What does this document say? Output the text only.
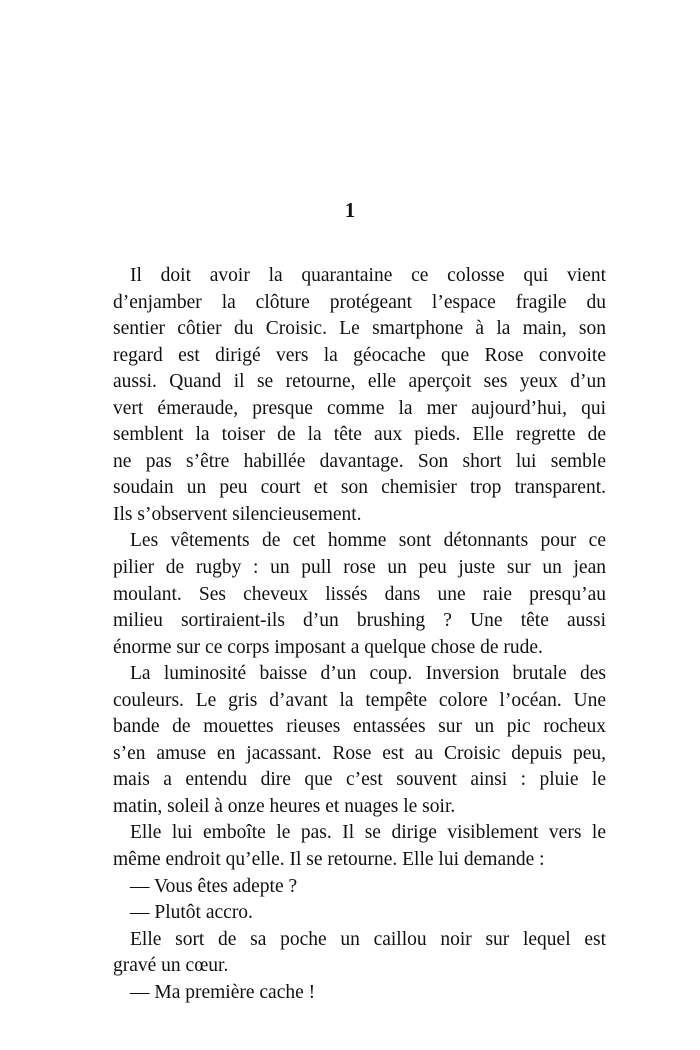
1
Il doit avoir la quarantaine ce colosse qui vient
d’enjamber la clôture protégeant l’espace fragile du
sentier côtier du Croisic. Le smartphone à la main, son
regard est dirigé vers la géocache que Rose convoite
aussi. Quand il se retourne, elle aperçoit ses yeux d’un
vert émeraude, presque comme la mer aujourd’hui, qui
semblent la toiser de la tête aux pieds. Elle regrette de
ne pas s’être habillée davantage. Son short lui semble
soudain un peu court et son chemisier trop transparent.
Ils s’observent silencieusement.
Les vêtements de cet homme sont détonnants pour ce
pilier de rugby : un pull rose un peu juste sur un jean
moulant. Ses cheveux lissés dans une raie presqu’au
milieu sortiraient-ils d’un brushing ? Une tête aussi
énorme sur ce corps imposant a quelque chose de rude.
La luminosité baisse d’un coup. Inversion brutale des
couleurs. Le gris d’avant la tempête colore l’océan. Une
bande de mouettes rieuses entassées sur un pic rocheux
s’en amuse en jacassant. Rose est au Croisic depuis peu,
mais a entendu dire que c’est souvent ainsi : pluie le
matin, soleil à onze heures et nuages le soir.
Elle lui emboîte le pas. Il se dirige visiblement vers le
même endroit qu’elle. Il se retourne. Elle lui demande :
— Vous êtes adepte ?
— Plutôt accro.
Elle sort de sa poche un caillou noir sur lequel est
gravé un cœur.
— Ma première cache !
